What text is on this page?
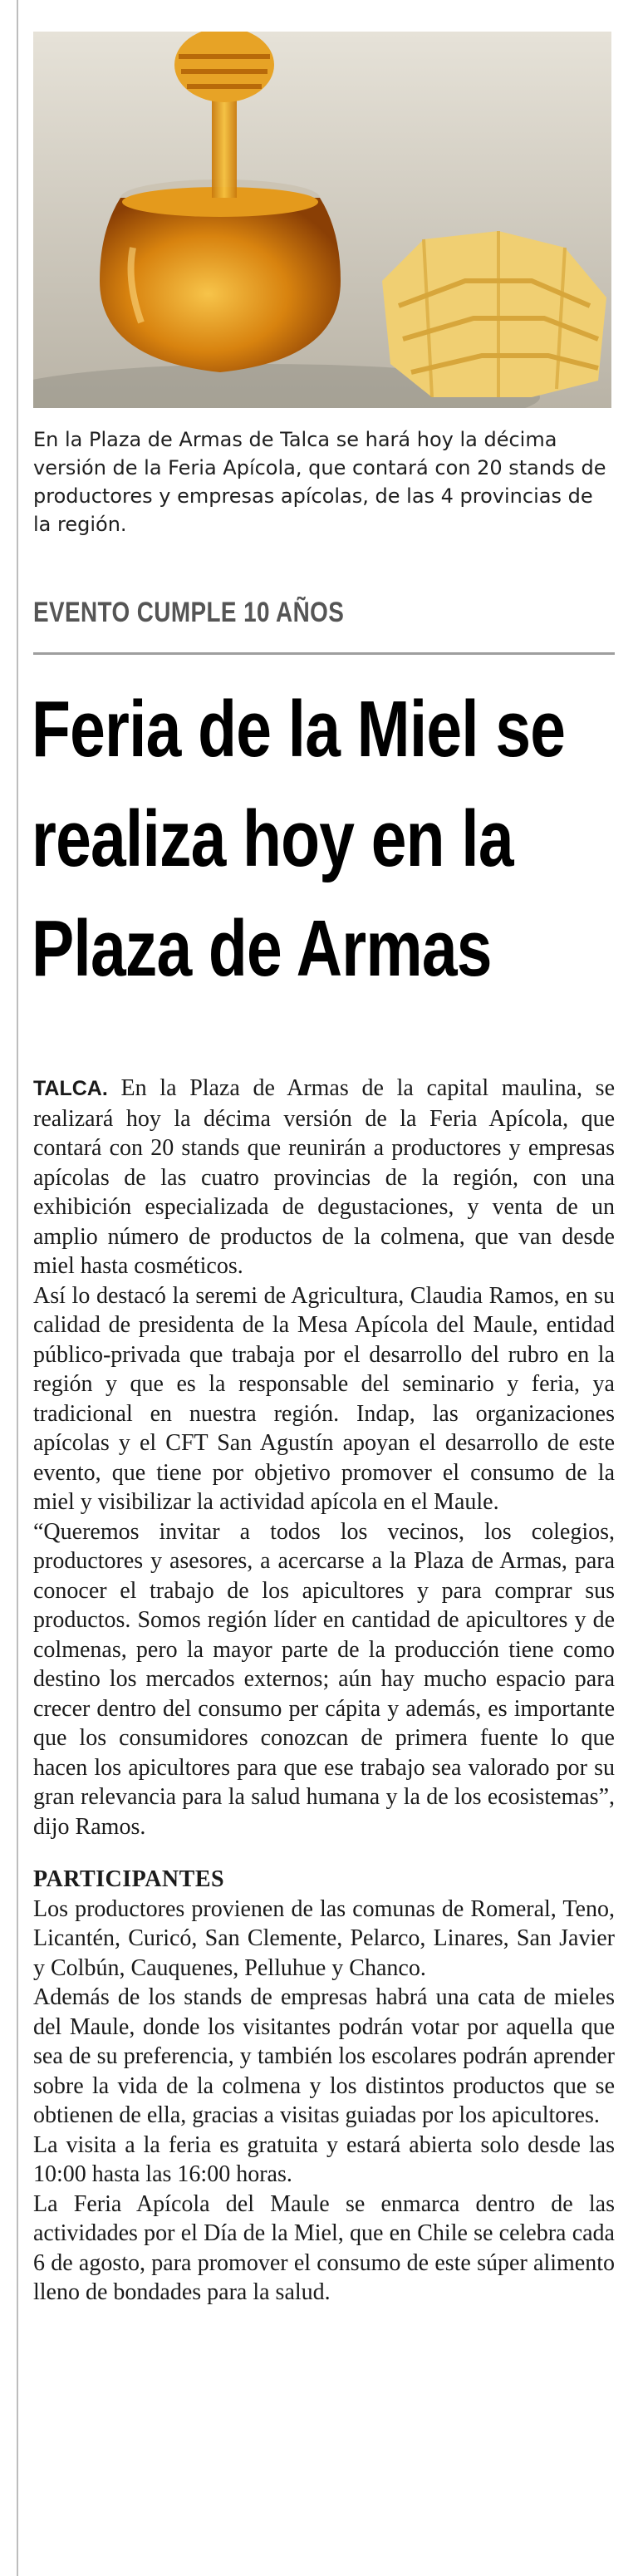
En la Plaza de Armas de Talca se hará hoy la décima versión de la Feria Apícola, que contará con 20 stands de productores y empresas apícolas, de las 4 provincias de la región.
EVENTO CUMPLE 10 AÑOS
Feria de la Miel se realiza hoy en la Plaza de Armas

TALCA. En la Plaza de Armas de la capital maulina, se realizará hoy la décima versión de la Feria Apícola, que contará con 20 stands que reunirán a productores y empresas apícolas de las cuatro provincias de la región, con una exhibición especializada de degustaciones, y venta de un amplio número de productos de la colmena, que van desde miel hasta cosméticos.

Así lo destacó la seremi de Agricultura, Claudia Ramos, en su calidad de presidenta de la Mesa Apícola del Maule, entidad público-privada que trabaja por el desarrollo del rubro en la región y que es la responsable del seminario y feria, ya tradicional en nuestra región. Indap, las organizaciones apícolas y el CFT San Agustín apoyan el desarrollo de este evento, que tiene por objetivo promover el consumo de la miel y visibilizar la actividad apícola en el Maule.

“Queremos invitar a todos los vecinos, los colegios, productores y asesores, a acercarse a la Plaza de Armas, para conocer el trabajo de los apicultores y para comprar sus productos. Somos región líder en cantidad de apicultores y de colmenas, pero la mayor parte de la producción tiene como destino los mercados externos; aún hay mucho espacio para crecer dentro del consumo per cápita y además, es importante que los consumidores conozcan de primera fuente lo que hacen los apicultores para que ese trabajo sea valorado por su gran relevancia para la salud humana y la de los ecosistemas”, dijo Ramos.

PARTICIPANTES

Los productores provienen de las comunas de Romeral, Teno, Licantén, Curicó, San Clemente, Pelarco, Linares, San Javier y Colbún, Cauquenes, Pelluhue y Chanco.

Además de los stands de empresas habrá una cata de mieles del Maule, donde los visitantes podrán votar por aquella que sea de su preferencia, y también los escolares podrán aprender sobre la vida de la colmena y los distintos productos que se obtienen de ella, gracias a visitas guiadas por los apicultores.

La visita a la feria es gratuita y estará abierta solo desde las 10:00 hasta las 16:00 horas.

La Feria Apícola del Maule se enmarca dentro de las actividades por el Día de la Miel, que en Chile se celebra cada 6 de agosto, para promover el consumo de este súper alimento lleno de bondades para la salud.
